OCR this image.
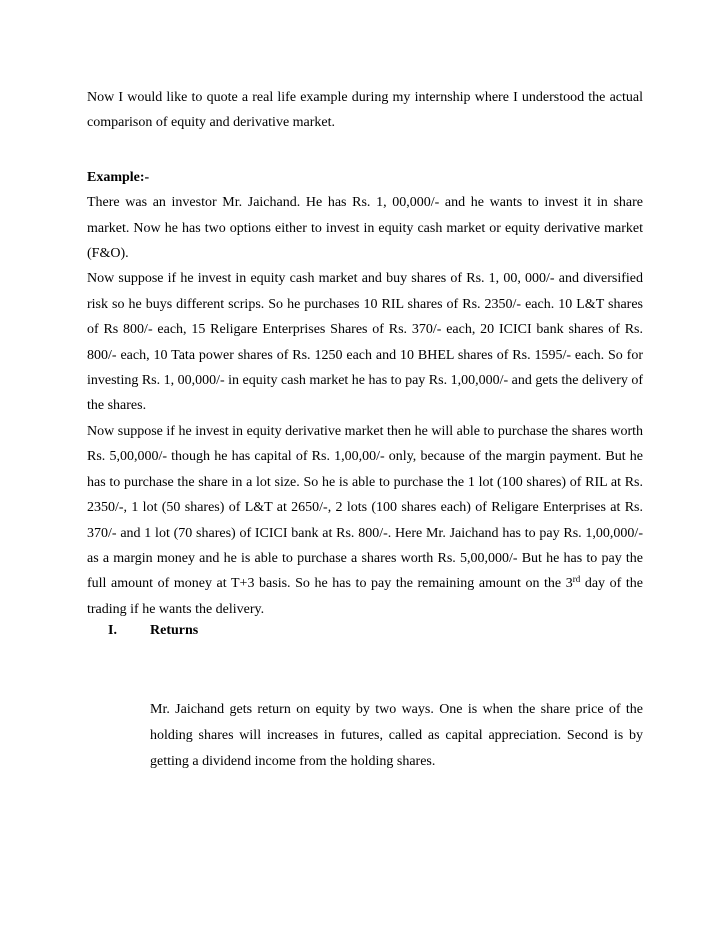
Now I would like to quote a real life example during my internship where I understood the actual comparison of equity and derivative market.

Example:-

There was an investor Mr. Jaichand. He has Rs. 1, 00,000/- and he wants to invest it in share market. Now he has two options either to invest in equity cash market or equity derivative market (F&O).

Now suppose if he invest in equity cash market and buy shares of Rs. 1, 00, 000/- and diversified risk so he buys different scrips. So he purchases 10 RIL shares of Rs. 2350/- each. 10 L&T shares of Rs 800/- each, 15 Religare Enterprises Shares of Rs. 370/- each, 20 ICICI bank shares of Rs. 800/- each, 10 Tata power shares of Rs. 1250 each and 10 BHEL shares of Rs. 1595/- each. So for investing Rs. 1, 00,000/- in equity cash market he has to pay Rs. 1,00,000/- and gets the delivery of the shares.

Now suppose if he invest in equity derivative market then he will able to purchase the shares worth Rs. 5,00,000/- though he has capital of Rs. 1,00,00/- only, because of the margin payment. But he has to purchase the share in a lot size. So he is able to purchase the 1 lot (100 shares) of RIL at Rs. 2350/-, 1 lot (50 shares) of L&T at 2650/-, 2 lots (100 shares each) of Religare Enterprises at Rs. 370/- and 1 lot (70 shares) of ICICI bank at Rs. 800/-. Here Mr. Jaichand has to pay Rs. 1,00,000/- as a margin money and he is able to purchase a shares worth Rs. 5,00,000/- But he has to pay the full amount of money at T+3 basis. So he has to pay the remaining amount on the 3rd day of the trading if he wants the delivery.

I.	Returns

Mr. Jaichand gets return on equity by two ways. One is when the share price of the holding shares will increases in futures, called as capital appreciation. Second is by getting a dividend income from the holding shares.
